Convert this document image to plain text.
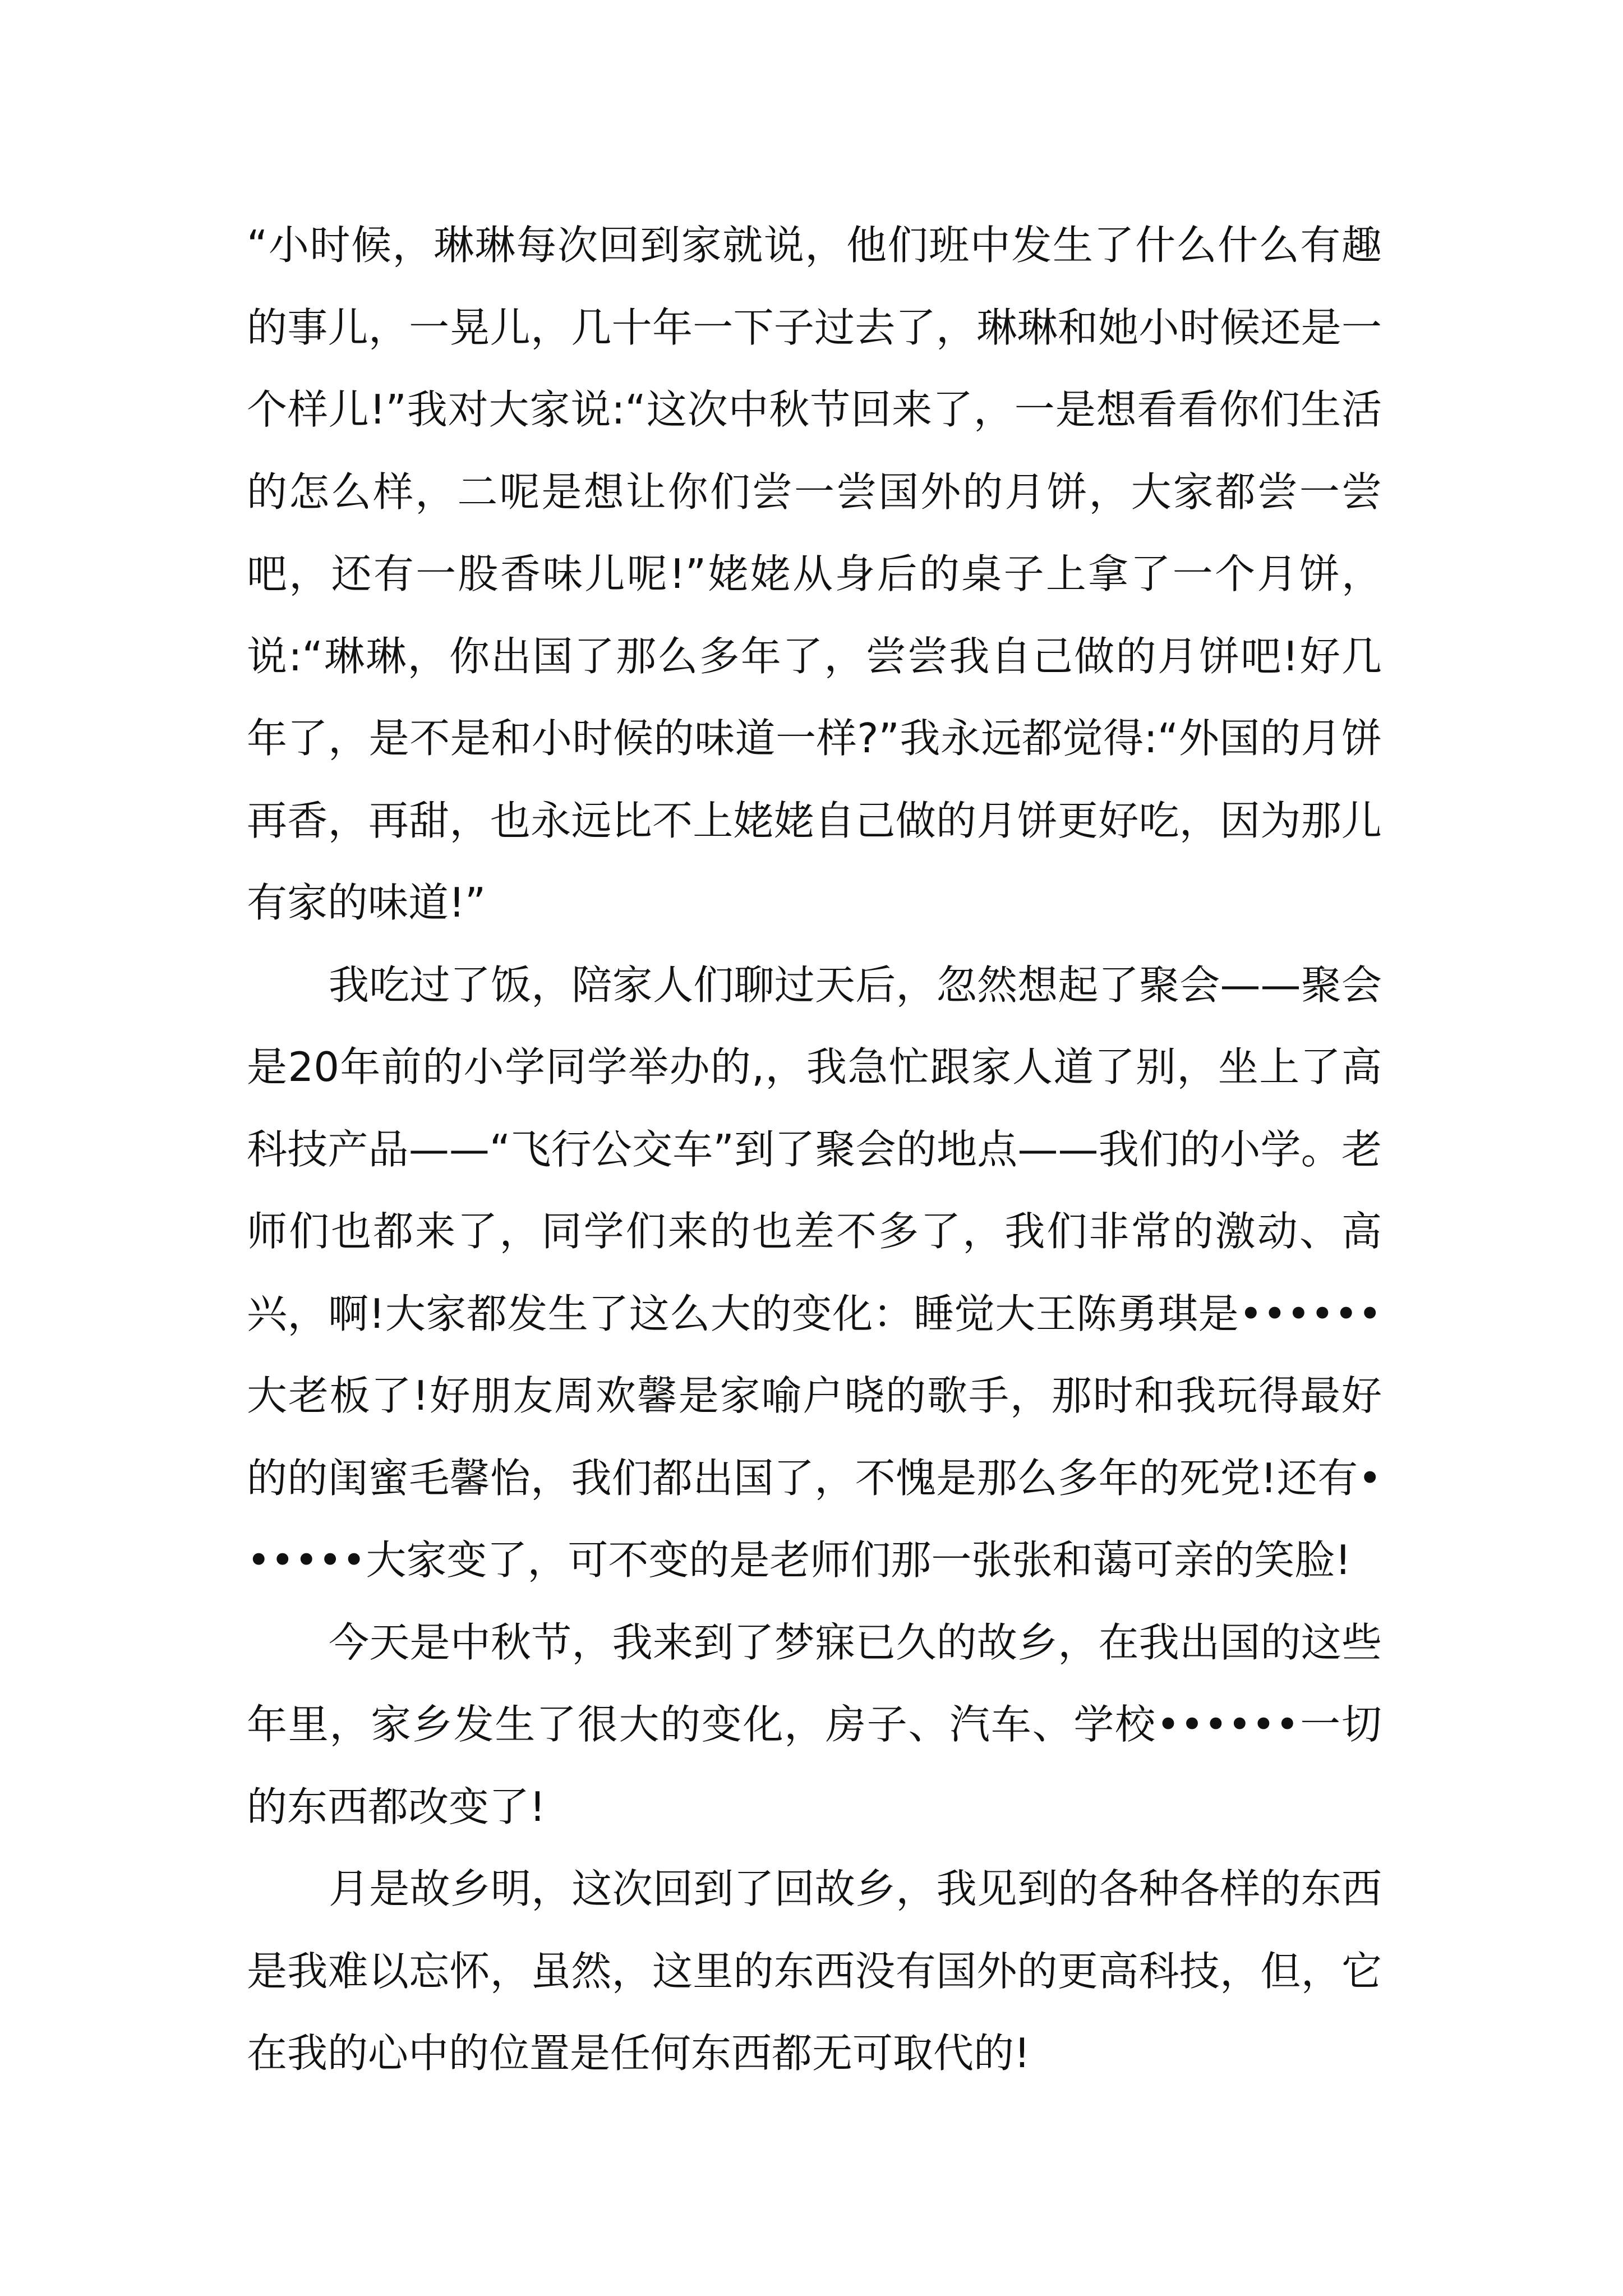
“小时候，琳琳每次回到家就说，他们班中发生了什么什么有趣的事儿，一晃儿，几十年一下子过去了，琳琳和她小时候还是一个样儿!”我对大家说:“这次中秋节回来了，一是想看看你们生活的怎么样，二呢是想让你们尝一尝国外的月饼，大家都尝一尝吧，还有一股香味儿呢!”姥姥从身后的桌子上拿了一个月饼，说:“琳琳，你出国了那么多年了，尝尝我自己做的月饼吧!好几年了，是不是和小时候的味道一样?”我永远都觉得:“外国的月饼再香，再甜，也永远比不上姥姥自己做的月饼更好吃，因为那儿有家的味道!”

我吃过了饭，陪家人们聊过天后，忽然想起了聚会——聚会是20年前的小学同学举办的,，我急忙跟家人道了别，坐上了高科技产品——“飞行公交车”到了聚会的地点——我们的小学。老师们也都来了，同学们来的也差不多了，我们非常的激动、高兴，啊!大家都发生了这么大的变化：睡觉大王陈勇琪是••••••大老板了!好朋友周欢馨是家喻户晓的歌手，那时和我玩得最好的的闺蜜毛馨怡，我们都出国了，不愧是那么多年的死党!还有••••••大家变了，可不变的是老师们那一张张和蔼可亲的笑脸!

今天是中秋节，我来到了梦寐已久的故乡，在我出国的这些年里，家乡发生了很大的变化，房子、汽车、学校••••••一切的东西都改变了!

月是故乡明，这次回到了回故乡，我见到的各种各样的东西是我难以忘怀，虽然，这里的东西没有国外的更高科技，但，它在我的心中的位置是任何东西都无可取代的!
